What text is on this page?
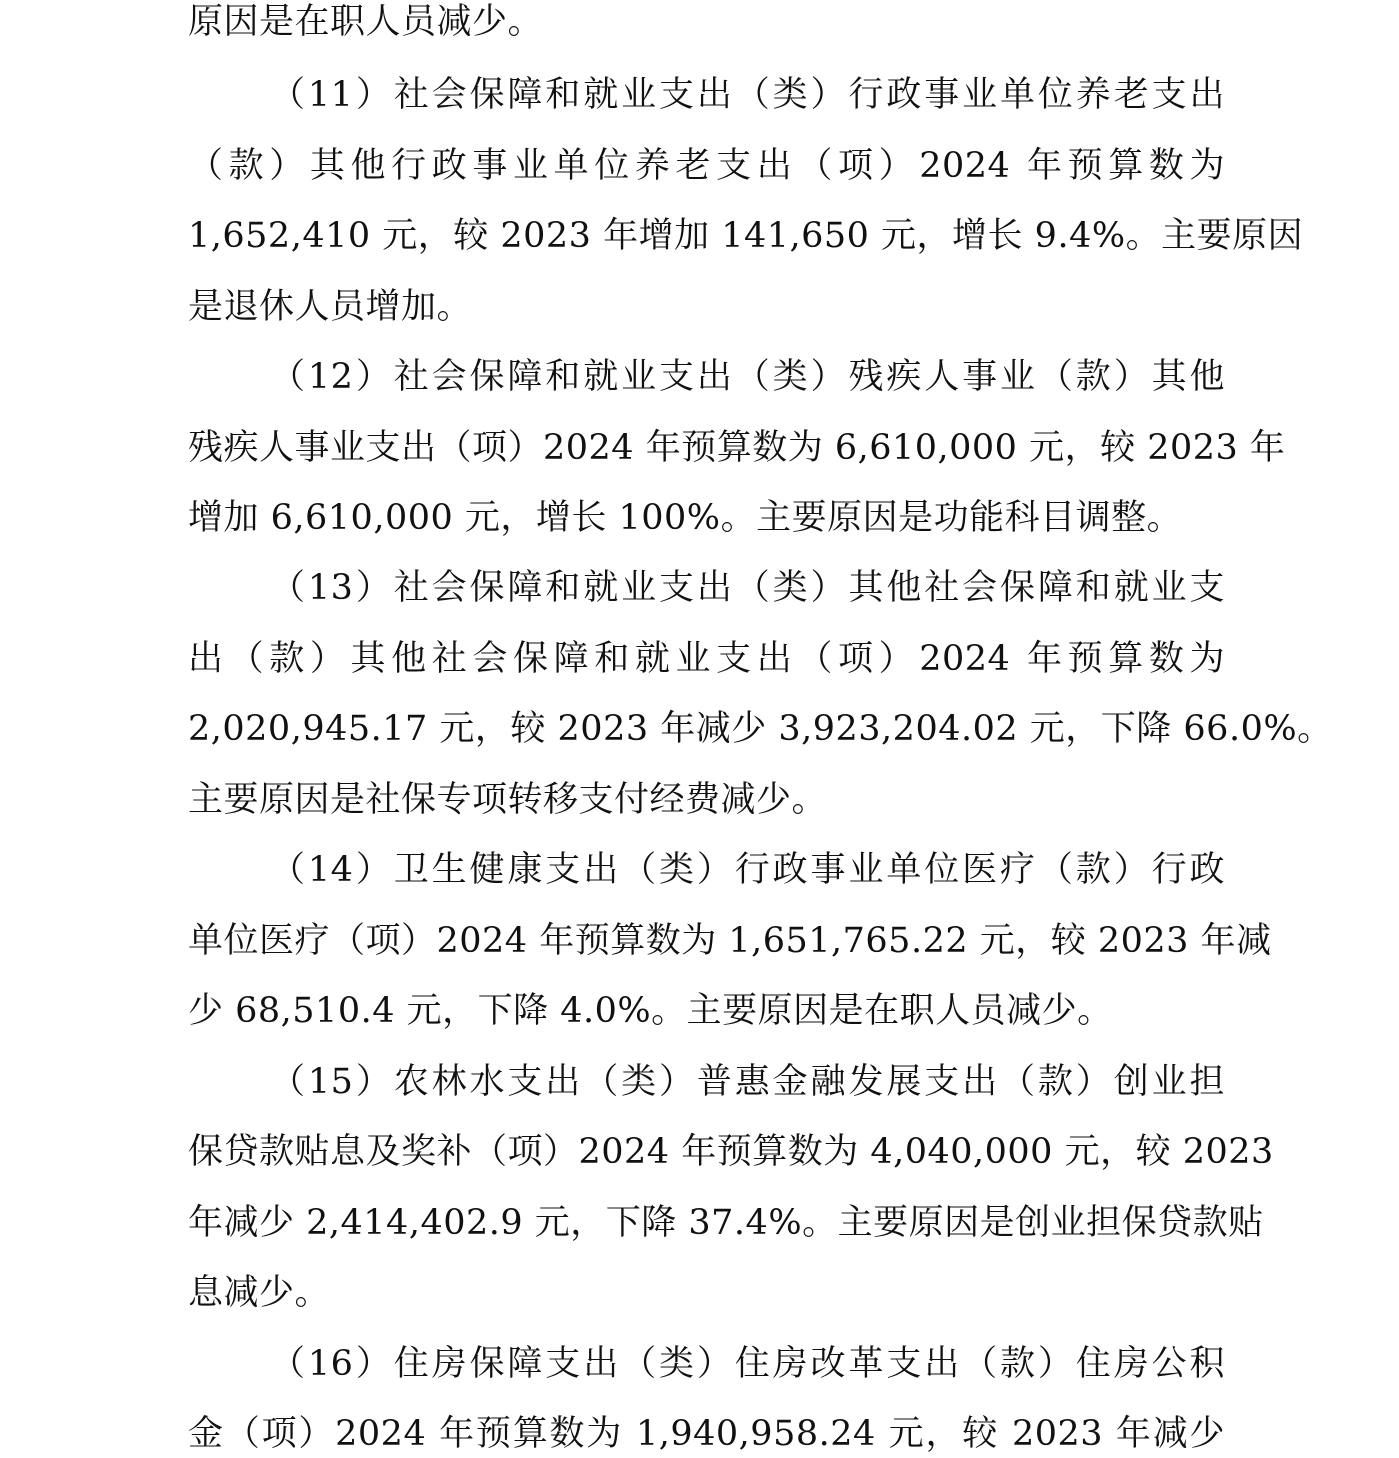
原因是在职人员减少。
（11）社会保障和就业支出（类）行政事业单位养老支出
（款）其他行政事业单位养老支出（项）2024 年预算数为
1,652,410 元，较 2023 年增加 141,650 元，增长 9.4%。主要原因
是退休人员增加。
（12）社会保障和就业支出（类）残疾人事业（款）其他
残疾人事业支出（项）2024 年预算数为 6,610,000 元，较 2023 年
增加 6,610,000 元，增长 100%。主要原因是功能科目调整。
（13）社会保障和就业支出（类）其他社会保障和就业支
出（款）其他社会保障和就业支出（项）2024 年预算数为
2,020,945.17 元，较 2023 年减少 3,923,204.02 元，下降 66.0%。
主要原因是社保专项转移支付经费减少。
（14）卫生健康支出（类）行政事业单位医疗（款）行政
单位医疗（项）2024 年预算数为 1,651,765.22 元，较 2023 年减
少 68,510.4 元，下降 4.0%。主要原因是在职人员减少。
（15）农林水支出（类）普惠金融发展支出（款）创业担
保贷款贴息及奖补（项）2024 年预算数为 4,040,000 元，较 2023
年减少 2,414,402.9 元，下降 37.4%。主要原因是创业担保贷款贴
息减少。
（16）住房保障支出（类）住房改革支出（款）住房公积
金（项）2024 年预算数为 1,940,958.24 元，较 2023 年减少
